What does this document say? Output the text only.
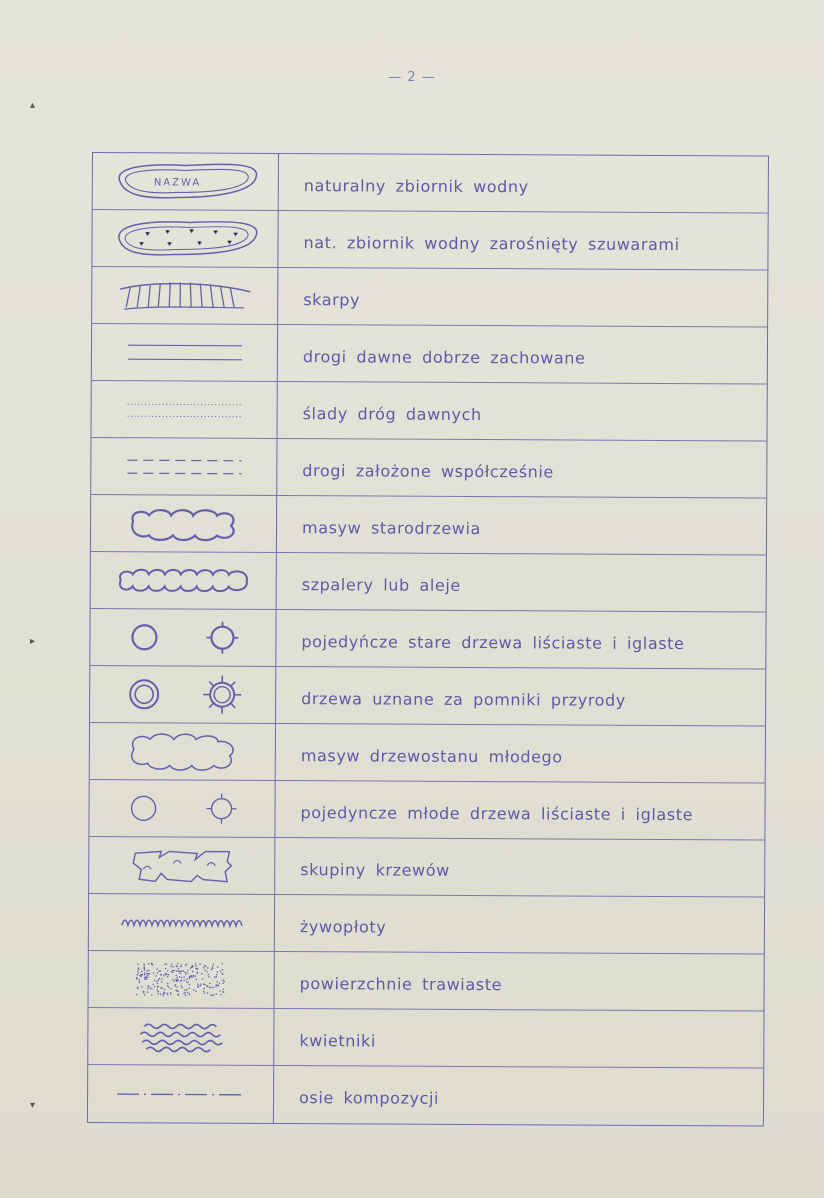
— 2 —
▴
▸
▾
NAZWA	naturalny zbiornik wodny
nat. zbiornik wodny zarośnięty szuwarami
skarpy
drogi dawne dobrze zachowane
ślady dróg dawnych
drogi założone współcześnie
masyw starodrzewia
szpalery lub aleje
pojedyńcze stare drzewa liściaste i iglaste
drzewa uznane za pomniki przyrody
masyw drzewostanu młodego
pojedyncze młode drzewa liściaste i iglaste
skupiny krzewów
żywopłoty
powierzchnie trawiaste
kwietniki
osie kompozycji
